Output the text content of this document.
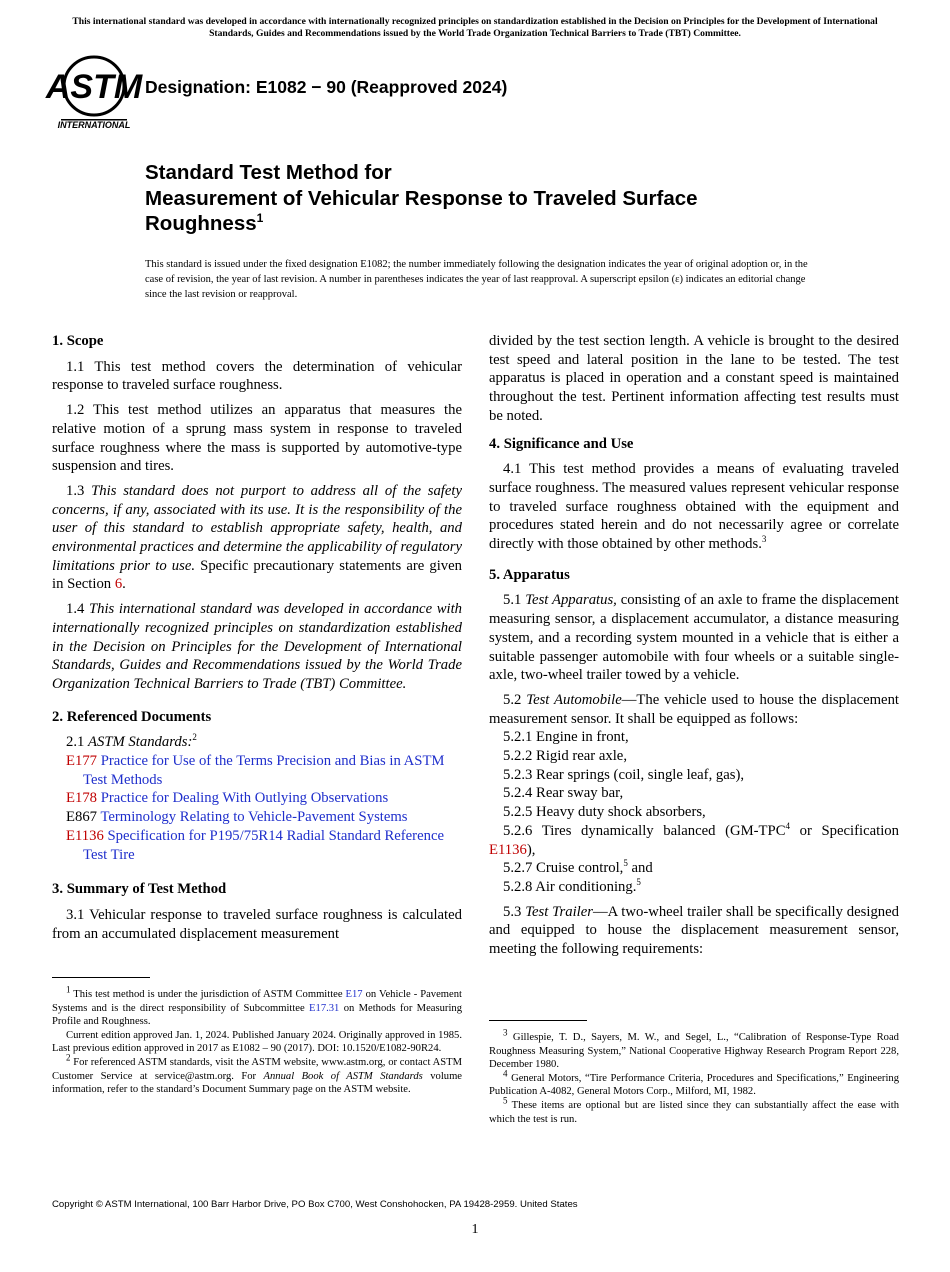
This international standard was developed in accordance with internationally recognized principles on standardization established in the Decision on Principles for the Development of International Standards, Guides and Recommendations issued by the World Trade Organization Technical Barriers to Trade (TBT) Committee.
ASTM
INTERNATIONAL
Designation: E1082 − 90 (Reapproved 2024)
Standard Test Method for
Measurement of Vehicular Response to Traveled Surface
Roughness$^1$
This standard is issued under the fixed designation E1082; the number immediately following the designation indicates the year of original adoption or, in the case of revision, the year of last revision. A number in parentheses indicates the year of last reapproval. A superscript epsilon (ε) indicates an editorial change since the last revision or reapproval.
1. Scope

1.1 This test method covers the determination of vehicular response to traveled surface roughness.

1.2 This test method utilizes an apparatus that measures the relative motion of a sprung mass system in response to traveled surface roughness where the mass is supported by automotive-type suspension and tires.

1.3 This standard does not purport to address all of the safety concerns, if any, associated with its use. It is the responsibility of the user of this standard to establish appropriate safety, health, and environmental practices and determine the applicability of regulatory limitations prior to use. Specific precautionary statements are given in Section 6.

1.4 This international standard was developed in accordance with internationally recognized principles on standardization established in the Decision on Principles for the Development of International Standards, Guides and Recommendations issued by the World Trade Organization Technical Barriers to Trade (TBT) Committee.

2. Referenced Documents

2.1 ASTM Standards:$^2$

E177 Practice for Use of the Terms Precision and Bias in ASTM Test Methods
E178 Practice for Dealing With Outlying Observations
E867 Terminology Relating to Vehicle-Pavement Systems
E1136 Specification for P195/75R14 Radial Standard Reference Test Tire
3. Summary of Test Method

3.1 Vehicular response to traveled surface roughness is calculated from an accumulated displacement measurement

divided by the test section length. A vehicle is brought to the desired test speed and lateral position in the lane to be tested. The test apparatus is placed in operation and a constant speed is maintained throughout the test. Pertinent information affecting test results must be noted.

4. Significance and Use

4.1 This test method provides a means of evaluating traveled surface roughness. The measured values represent vehicular response to traveled surface roughness obtained with the equipment and procedures stated herein and do not necessarily agree or correlate directly with those obtained by other methods.$^3$

5. Apparatus

5.1 Test Apparatus, consisting of an axle to frame the displacement measuring sensor, a displacement accumulator, a distance measuring system, and a recording system mounted in a vehicle that is either a suitable passenger automobile with four wheels or a suitable single-axle, two-wheel trailer towed by a vehicle.

5.2 Test Automobile—The vehicle used to house the displacement measurement sensor. It shall be equipped as follows:

5.2.1 Engine in front,
5.2.2 Rigid rear axle,
5.2.3 Rear springs (coil, single leaf, gas),
5.2.4 Rear sway bar,
5.2.5 Heavy duty shock absorbers,
5.2.6 Tires dynamically balanced (GM-TPC$^4$ or Specification E1136),
5.2.7 Cruise control,$^5$ and
5.2.8 Air conditioning.$^5$

5.3 Test Trailer—A two-wheel trailer shall be specifically designed and equipped to house the displacement measurement sensor, meeting the following requirements:

$^1$ This test method is under the jurisdiction of ASTM Committee E17 on Vehicle - Pavement Systems and is the direct responsibility of Subcommittee E17.31 on Methods for Measuring Profile and Roughness.

Current edition approved Jan. 1, 2024. Published January 2024. Originally approved in 1985. Last previous edition approved in 2017 as E1082 – 90 (2017). DOI: 10.1520/E1082-90R24.

$^2$ For referenced ASTM standards, visit the ASTM website, www.astm.org, or contact ASTM Customer Service at service@astm.org. For Annual Book of ASTM Standards volume information, refer to the standard’s Document Summary page on the ASTM website.

$^3$ Gillespie, T. D., Sayers, M. W., and Segel, L., “Calibration of Response-Type Road Roughness Measuring System,” National Cooperative Highway Research Program Report 228, December 1980.

$^4$ General Motors, “Tire Performance Criteria, Procedures and Specifications,” Engineering Publication A-4082, General Motors Corp., Milford, MI, 1982.

$^5$ These items are optional but are listed since they can substantially affect the ease with which the test is run.

Copyright © ASTM International, 100 Barr Harbor Drive, PO Box C700, West Conshohocken, PA 19428-2959. United States
1
